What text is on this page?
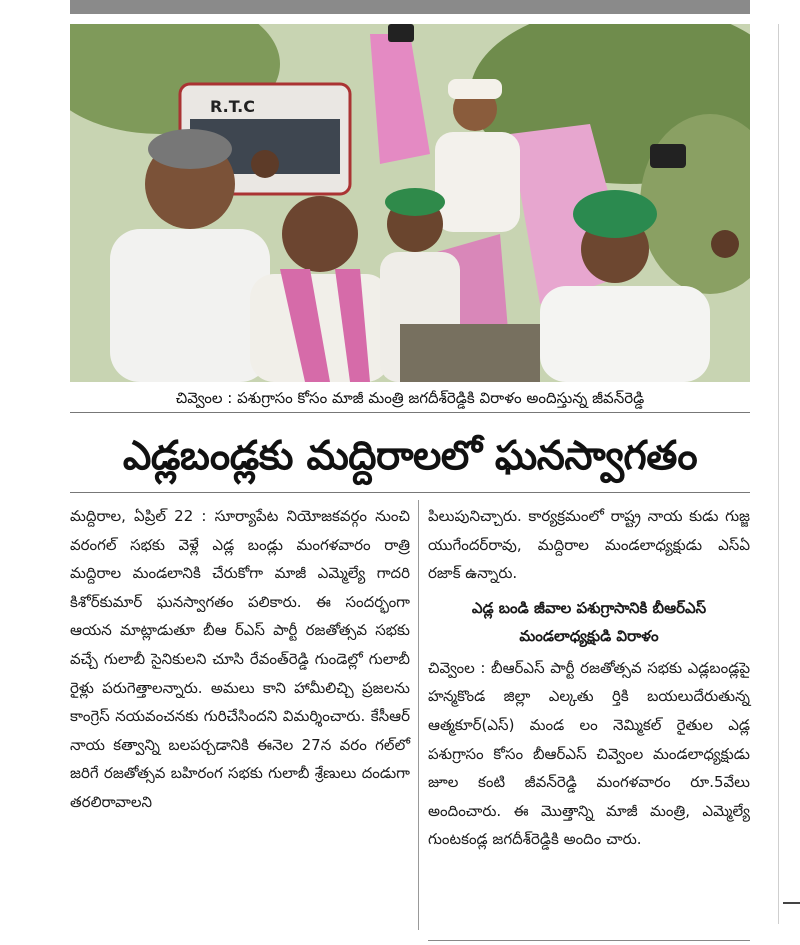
R.T.C
చివ్వెంల : పశుగ్రాసం కోసం మాజీ మంత్రి జగదీశ్‌రెడ్డికి విరాళం అందిస్తున్న జీవన్‌రెడ్డి
ఎడ్లబండ్లకు మద్దిరాలలో ఘనస్వాగతం

మద్దిరాల, ఏప్రిల్ 22 : సూర్యాపేట నియోజకవర్గం నుంచి వరంగల్ సభకు వెళ్లే ఎడ్ల బండ్లు మంగళవారం రాత్రి మద్దిరాల మండలానికి చేరుకోగా మాజీ ఎమ్మెల్యే గాదరి కిశోర్‌కుమార్ ఘనస్వాగతం పలికారు. ఈ సందర్భంగా ఆయన మాట్లాడుతూ బీఆ ర్‌ఎస్ పార్టీ రజతోత్సవ సభకు వచ్చే గులాబీ సైనికులని చూసి రేవంత్‌రెడ్డి గుండెల్లో గులాబీ రైళ్లు పరుగెత్తాలన్నారు. అమలు కాని హామీలిచ్చి ప్రజలను కాంగ్రెస్ నయవంచనకు గురిచేసిందని విమర్శించారు. కేసీఆర్ నాయ కత్వాన్ని బలపర్చడానికి ఈనెల 27న వరం గల్‌లో జరిగే రజతోత్సవ బహిరంగ సభకు గులాబీ శ్రేణులు దండుగా తరలిరావాలని

పిలుపునిచ్చారు. కార్యక్రమంలో రాష్ట్ర నాయ కుడు గుజ్జ యుగేందర్‌రావు, మద్దిరాల మండలాధ్యక్షుడు ఎస్‌ఏ రజాక్ ఉన్నారు.

ఎడ్ల బండి జీవాల పశుగ్రాసానికి బీఆర్ఎస్ మండలాధ్యక్షుడి విరాళం

చివ్వెంల : బీఆర్‌ఎస్ పార్టీ రజతోత్సవ సభకు ఎడ్లబండ్లపై హన్మకొండ జిల్లా ఎల్కతు ర్తికి బయలుదేరుతున్న ఆత్మకూర్(ఎస్) మండ లం నెమ్మికల్ రైతుల ఎడ్ల పశుగ్రాసం కోసం బీఆర్‌ఎస్ చివ్వెంల మండలాధ్యక్షుడు జూల కంటి జీవన్‌రెడ్డి మంగళవారం రూ.5వేలు అందించారు. ఈ మొత్తాన్ని మాజీ మంత్రి, ఎమ్మెల్యే గుంటకండ్ల జగదీశ్‌రెడ్డికి అందిం చారు.
